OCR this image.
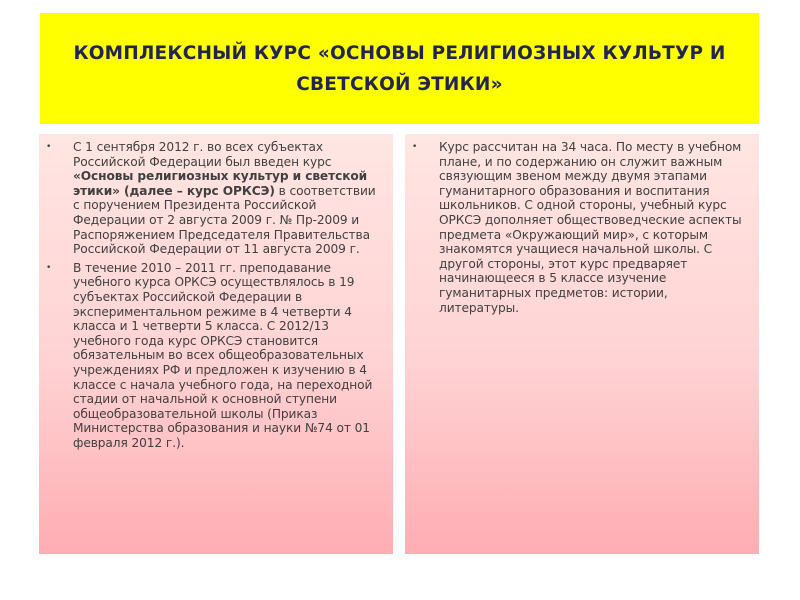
КОМПЛЕКСНЫЙ КУРС «ОСНОВЫ РЕЛИГИОЗНЫХ КУЛЬТУР И СВЕТСКОЙ ЭТИКИ»
• С 1 сентября 2012 г. во всех субъектах Российской Федерации был введен курс «Основы религиозных культур и светской этики» (далее – курс ОРКСЭ) в соответствии с поручением Президента Российской Федерации от 2 августа 2009 г. № Пр-2009 и Распоряжением Председателя Правительства Российской Федерации от 11 августа 2009 г.
• В течение 2010 – 2011 гг. преподавание учебного курса ОРКСЭ осуществлялось в 19 субъектах Российской Федерации в экспериментальном режиме в 4 четверти 4 класса и 1 четверти 5 класса. С 2012/13 учебного года курс ОРКСЭ становится обязательным во всех общеобразовательных учреждениях РФ и предложен к изучению в 4 классе с начала учебного года, на переходной стадии от начальной к основной ступени общеобразовательной школы (Приказ Министерства образования и науки №74 от 01 февраля 2012 г.).
• Курс рассчитан на 34 часа. По месту в учебном плане, и по содержанию он служит важным связующим звеном между двумя этапами гуманитарного образования и воспитания школьников. С одной стороны, учебный курс ОРКСЭ дополняет обществоведческие аспекты предмета «Окружающий мир», с которым знакомятся учащиеся начальной школы. С другой стороны, этот курс предваряет начинающееся в 5 классе изучение гуманитарных предметов: истории, литературы.
